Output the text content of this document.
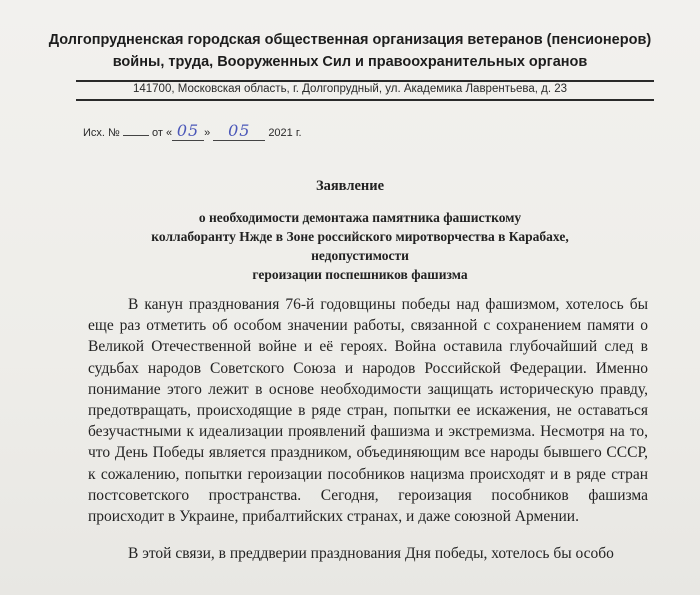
Долгопрудненская городская общественная организация ветеранов (пенсионеров)
войны, труда, Вооруженных Сил и правоохранительных органов
141700, Московская область, г. Долгопрудный, ул. Академика Лаврентьева, д. 23
Исх. №	от « 05 » 05 2021 г.
Заявление
о необходимости демонтажа памятника фашисткому
коллаборанту Нжде в Зоне российского миротворчества в Карабахе, недопустимости
героизации поспешников фашизма

В канун празднования 76-й годовщины победы над фашизмом, хотелось бы еще раз отметить об особом значении работы, связанной с сохранением памяти о Великой Отечественной войне и её героях. Война оставила глубочайший след в судьбах народов Советского Союза и народов Российской Федерации. Именно понимание этого лежит в основе необходимости защищать историческую правду, предотвращать, происходящие в ряде стран, попытки ее искажения, не оставаться безучастными к идеализации проявлений фашизма и экстремизма. Несмотря на то, что День Победы является праздником, объединяющим все народы бывшего СССР, к сожалению, попытки героизации пособников нацизма происходят и в ряде стран постсоветского пространства. Сегодня, героизация пособников фашизма происходит в Украине, прибалтийских странах, и даже союзной Армении.

В этой связи, в преддверии празднования Дня победы, хотелось бы особо
